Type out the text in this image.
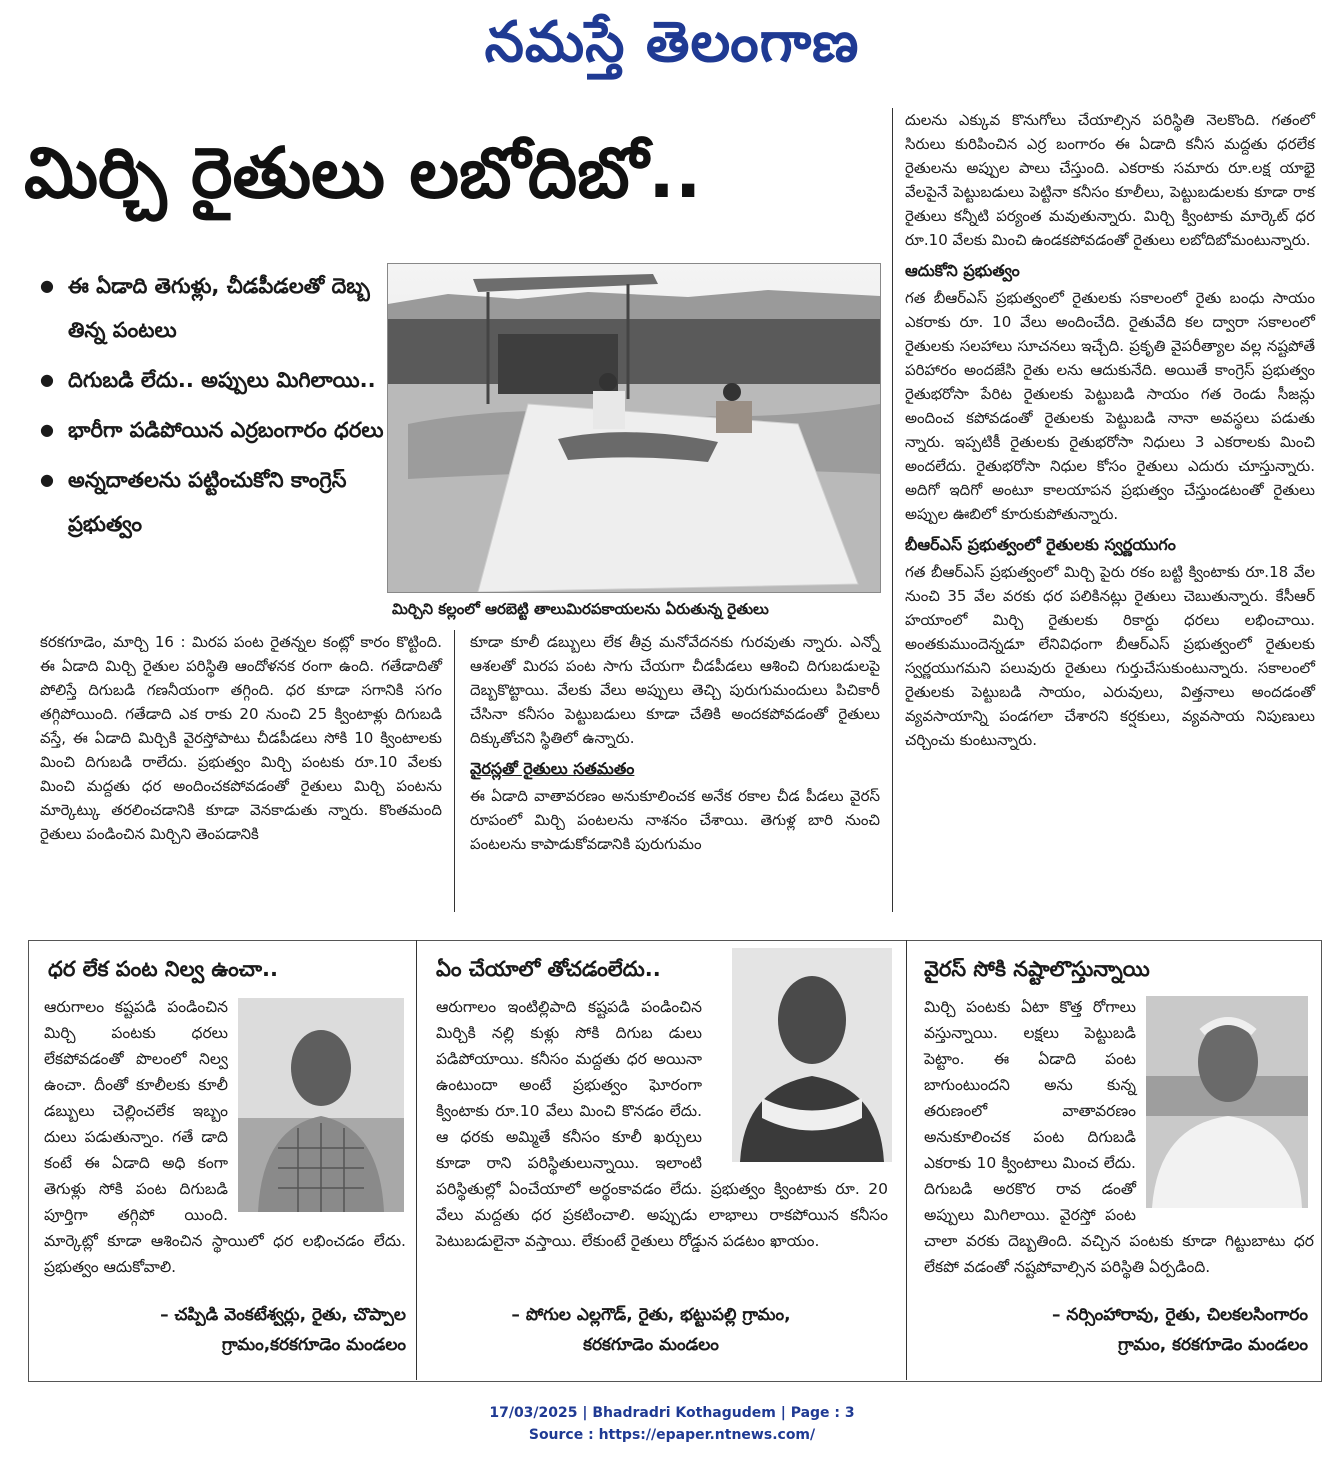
నమస్తే తెలంగాణ
మిర్చి రైతులు లబోదిబో..
● ఈ ఏడాది తెగుళ్లు, చీడపీడలతో దెబ్బ తిన్న పంటలు
● దిగుబడి లేదు.. అప్పులు మిగిలాయి..
● భారీగా పడిపోయిన ఎర్రబంగారం ధరలు
● అన్నదాతలను పట్టించుకోని కాంగ్రెస్ ప్రభుత్వం
మిర్చిని కల్లంలో ఆరబెట్టి తాలుమిరపకాయలను ఏరుతున్న రైతులు

దులను ఎక్కువ కొనుగోలు చేయాల్సిన పరిస్థితి నెలకొంది. గతంలో సిరులు కురిపించిన ఎర్ర బంగారం ఈ ఏడాది కనీస మద్దతు ధరలేక రైతులను అప్పుల పాలు చేస్తుంది. ఎకరాకు సమారు రూ.లక్ష యాభై వేలపైనే పెట్టుబడులు పెట్టినా కనీసం కూలీలు, పెట్టుబడులకు కూడా రాక రైతులు కన్నీటి పర్యంత మవుతున్నారు. మిర్చి క్వింటాకు మార్కెట్ ధర రూ.10 వేలకు మించి ఉండకపోవడంతో రైతులు లబోదిబోమంటున్నారు.

ఆదుకోని ప్రభుత్వం

గత బీఆర్ఎస్ ప్రభుత్వంలో రైతులకు సకాలంలో రైతు బంధు సాయం ఎకరాకు రూ. 10 వేలు అందించేది. రైతువేది కల ద్వారా సకాలంలో రైతులకు సలహాలు సూచనలు ఇచ్చేది. ప్రకృతి వైపరీత్యాల వల్ల నష్టపోతే పరిహారం అందజేసి రైతు లను ఆదుకునేది. అయితే కాంగ్రెస్ ప్రభుత్వం రైతుభరోసా పేరిట రైతులకు పెట్టుబడి సాయం గత రెండు సీజన్లు అందించ కపోవడంతో రైతులకు పెట్టుబడి నానా అవస్థలు పడుతు న్నారు. ఇప్పటికీ రైతులకు రైతుభరోసా నిధులు 3 ఎకరాలకు మించి అందలేదు. రైతుభరోసా నిధుల కోసం రైతులు ఎదురు చూస్తున్నారు. అదిగో ఇదిగో అంటూ కాలయాపన ప్రభుత్వం చేస్తుండటంతో రైతులు అప్పుల ఊబిలో కూరుకుపోతున్నారు.

బీఆర్ఎస్ ప్రభుత్వంలో రైతులకు స్వర్ణయుగం

గత బీఆర్ఎస్ ప్రభుత్వంలో మిర్చి పైరు రకం బట్టి క్వింటాకు రూ.18 వేల నుంచి 35 వేల వరకు ధర పలికినట్లు రైతులు చెబుతున్నారు. కేసీఆర్ హయాంలో మిర్చి రైతులకు రికార్డు ధరలు లభించాయి. అంతకుముందెన్నడూ లేనివిధంగా బీఆర్ఎస్ ప్రభుత్వంలో రైతులకు స్వర్ణయుగమని పలువురు రైతులు గుర్తుచేసుకుంటున్నారు. సకాలంలో రైతులకు పెట్టుబడి సాయం, ఎరువులు, విత్తనాలు అందడంతో వ్యవసాయాన్ని పండగలా చేశారని కర్షకులు, వ్యవసాయ నిపుణులు చర్చించు కుంటున్నారు.

కరకగూడెం, మార్చి 16 : మిరప పంట రైతన్నల కంట్లో కారం కొట్టింది. ఈ ఏడాది మిర్చి రైతుల పరిస్థితి ఆందోళనక రంగా ఉంది. గతేడాదితో పోలిస్తే దిగుబడి గణనీయంగా తగ్గింది. ధర కూడా సగానికి సగం తగ్గిపోయింది. గతేడాది ఎక రాకు 20 నుంచి 25 క్వింటాళ్లు దిగుబడి వస్తే, ఈ ఏడాది మిర్చికి వైరస్తోపాటు చీడపీడలు సోకి 10 క్వింటాలకు మించి దిగుబడి రాలేదు. ప్రభుత్వం మిర్చి పంటకు రూ.10 వేలకు మించి మద్దతు ధర అందించకపోవడంతో రైతులు మిర్చి పంటను మార్కెట్కు తరలించడానికి కూడా వెనకాడుతు న్నారు. కొంతమంది రైతులు పండించిన మిర్చిని తెంపడానికి

కూడా కూలీ డబ్బులు లేక తీవ్ర మనోవేదనకు గురవుతు న్నారు. ఎన్నో ఆశలతో మిరప పంట సాగు చేయగా చీడపీడలు ఆశించి దిగుబడులపై దెబ్బకొట్టాయి. వేలకు వేలు అప్పులు తెచ్చి పురుగుమందులు పిచికారీ చేసినా కనీసం పెట్టుబడులు కూడా చేతికి అందకపోవడంతో రైతులు దిక్కుతోచని స్థితిలో ఉన్నారు.

వైరస్లతో రైతులు సతమతం

ఈ ఏడాది వాతావరణం అనుకూలించక అనేక రకాల చీడ పీడలు వైరస్ రూపంలో మిర్చి పంటలను నాశనం చేశాయి. తెగుళ్ల బారి నుంచి పంటలను కాపాడుకోవడానికి పురుగుమం

ధర లేక పంట నిల్వ ఉంచా..
ఆరుగాలం కష్టపడి పండించిన మిర్చి పంటకు ధరలు లేకపోవడంతో పొలంలో నిల్వ ఉంచా. దీంతో కూలీలకు కూలీ డబ్బులు చెల్లించలేక ఇబ్బం దులు పడుతున్నాం. గతే డాది కంటే ఈ ఏడాది అధి కంగా తెగుళ్లు సోకి పంట దిగుబడి పూర్తిగా తగ్గిపో యింది. మార్కెట్లో కూడా ఆశించిన స్థాయిలో ధర లభించడం లేదు. ప్రభుత్వం ఆదుకోవాలి.
– చప్పిడి వెంకటేశ్వర్లు, రైతు, చొప్పాల
గ్రామం,కరకగూడెం మండలం
ఏం చేయాలో తోచడంలేదు..
ఆరుగాలం ఇంటిల్లిపాది కష్టపడి పండించిన మిర్చికి నల్లి కుళ్లు సోకి దిగుబ డులు పడిపోయాయి. కనీసం మద్దతు ధర అయినా ఉంటుందా అంటే ప్రభుత్వం ఘోరంగా క్వింటాకు రూ.10 వేలు మించి కొనడం లేదు. ఆ ధరకు అమ్మితే కనీసం కూలీ ఖర్చులు కూడా రాని పరిస్థితులున్నాయి. ఇలాంటి పరిస్థితుల్లో ఏంచేయాలో అర్థంకావడం లేదు. ప్రభుత్వం క్వింటాకు రూ. 20 వేలు మద్దతు ధర ప్రకటించాలి. అప్పుడు లాభాలు రాకపోయిన కనీసం పెటుబడులైనా వస్తాయి. లేకుంటే రైతులు రోడ్డున పడటం ఖాయం.
– పోగుల ఎల్లగౌడ్, రైతు, భట్టుపల్లి గ్రామం,
కరకగూడెం మండలం
వైరస్ సోకి నష్టాలొస్తున్నాయి
మిర్చి పంటకు ఏటా కొత్త రోగాలు వస్తున్నాయి. లక్షలు పెట్టుబడి పెట్టాం. ఈ ఏడాది పంట బాగుంటుందని అను కున్న తరుణంలో వాతావరణం అనుకూలించక పంట దిగుబడి ఎకరాకు 10 క్వింటాలు మించ లేదు. దిగుబడి అరకొర రావ డంతో అప్పులు మిగిలాయి. వైరస్తో పంట చాలా వరకు దెబ్బతింది. వచ్చిన పంటకు కూడా గిట్టుబాటు ధర లేకపో వడంతో నష్టపోవాల్సిన పరిస్థితి ఏర్పడింది.
– నర్సింహారావు, రైతు, చిలకలసింగారం
గ్రామం, కరకగూడెం మండలం
17/03/2025 | Bhadradri Kothagudem | Page : 3
Source : https://epaper.ntnews.com/
